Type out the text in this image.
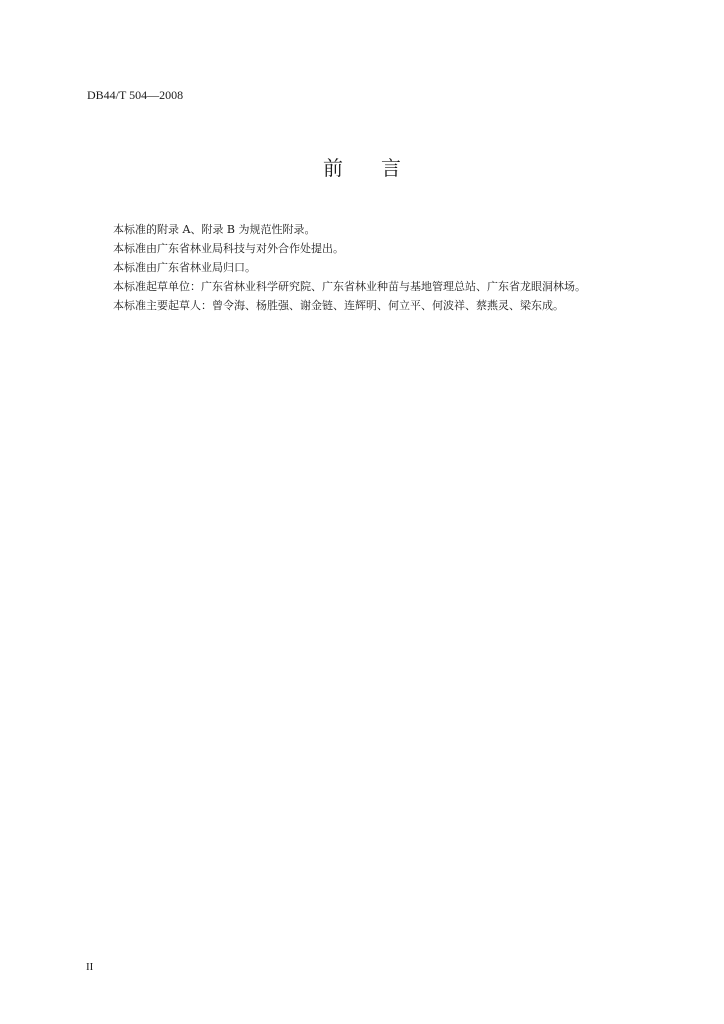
DB44/T 504—2008
前言
本标准的附录 A、附录 B 为规范性附录。
本标准由广东省林业局科技与对外合作处提出。
本标准由广东省林业局归口。
本标准起草单位：广东省林业科学研究院、广东省林业种苗与基地管理总站、广东省龙眼洞林场。
本标准主要起草人：曾令海、杨胜强、谢金链、连辉明、何立平、何波祥、蔡燕灵、梁东成。
II
